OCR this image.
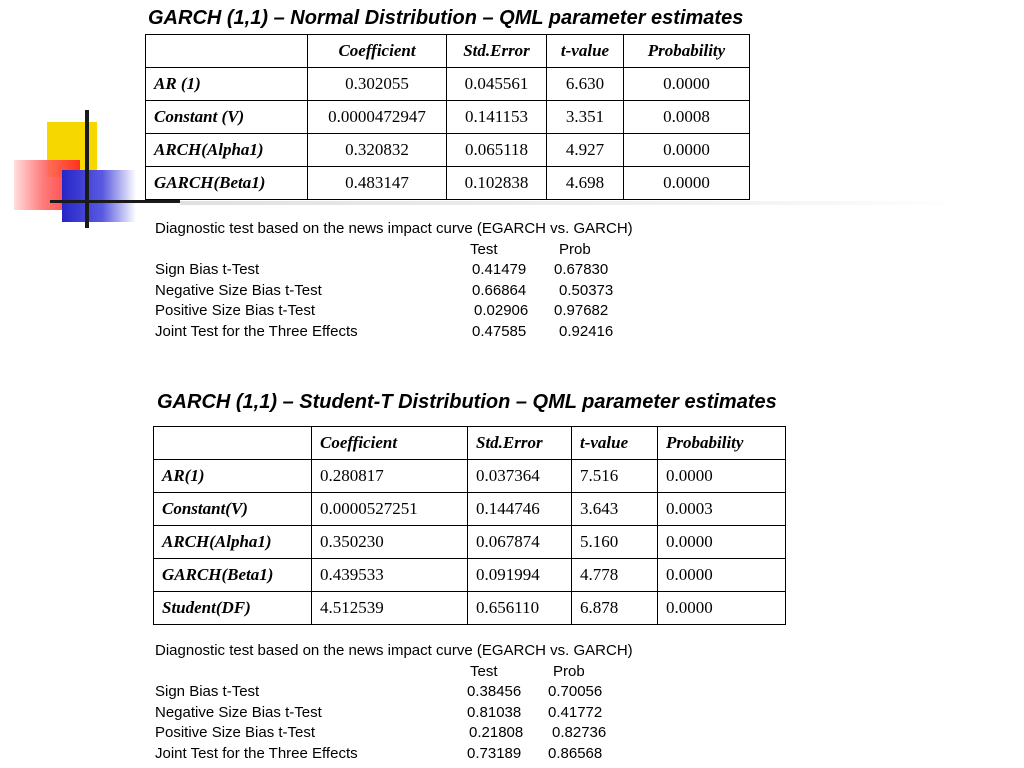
GARCH (1,1) – Normal Distribution – QML parameter estimates
	Coefficient	Std.Error	t-value	Probability
AR (1)	0.302055	0.045561	6.630	0.0000
Constant (V)	0.0000472947	0.141153	3.351	0.0008
ARCH(Alpha1)	0.320832	0.065118	4.927	0.0000
GARCH(Beta1)	0.483147	0.102838	4.698	0.0000
Diagnostic test based on the news impact curve (EGARCH vs. GARCH)
Test	Prob
Sign Bias t-Test	0.41479 0.67830
Negative Size Bias t-Test	0.66864 0.50373
Positive Size Bias t-Test	0.02906 0.97682
Joint Test for the Three Effects	0.47585 0.92416
GARCH (1,1) – Student-T Distribution – QML parameter estimates
	Coefficient	Std.Error	t-value	Probability
AR(1)	0.280817	0.037364	7.516	0.0000
Constant(V)	0.0000527251	0.144746	3.643	0.0003
ARCH(Alpha1)	0.350230	0.067874	5.160	0.0000
GARCH(Beta1)	0.439533	0.091994	4.778	0.0000
Student(DF)	4.512539	0.656110	6.878	0.0000
Diagnostic test based on the news impact curve (EGARCH vs. GARCH)
Test	Prob
Sign Bias t-Test	0.38456 0.70056
Negative Size Bias t-Test	0.81038 0.41772
Positive Size Bias t-Test	0.21808 0.82736
Joint Test for the Three Effects	0.73189 0.86568
